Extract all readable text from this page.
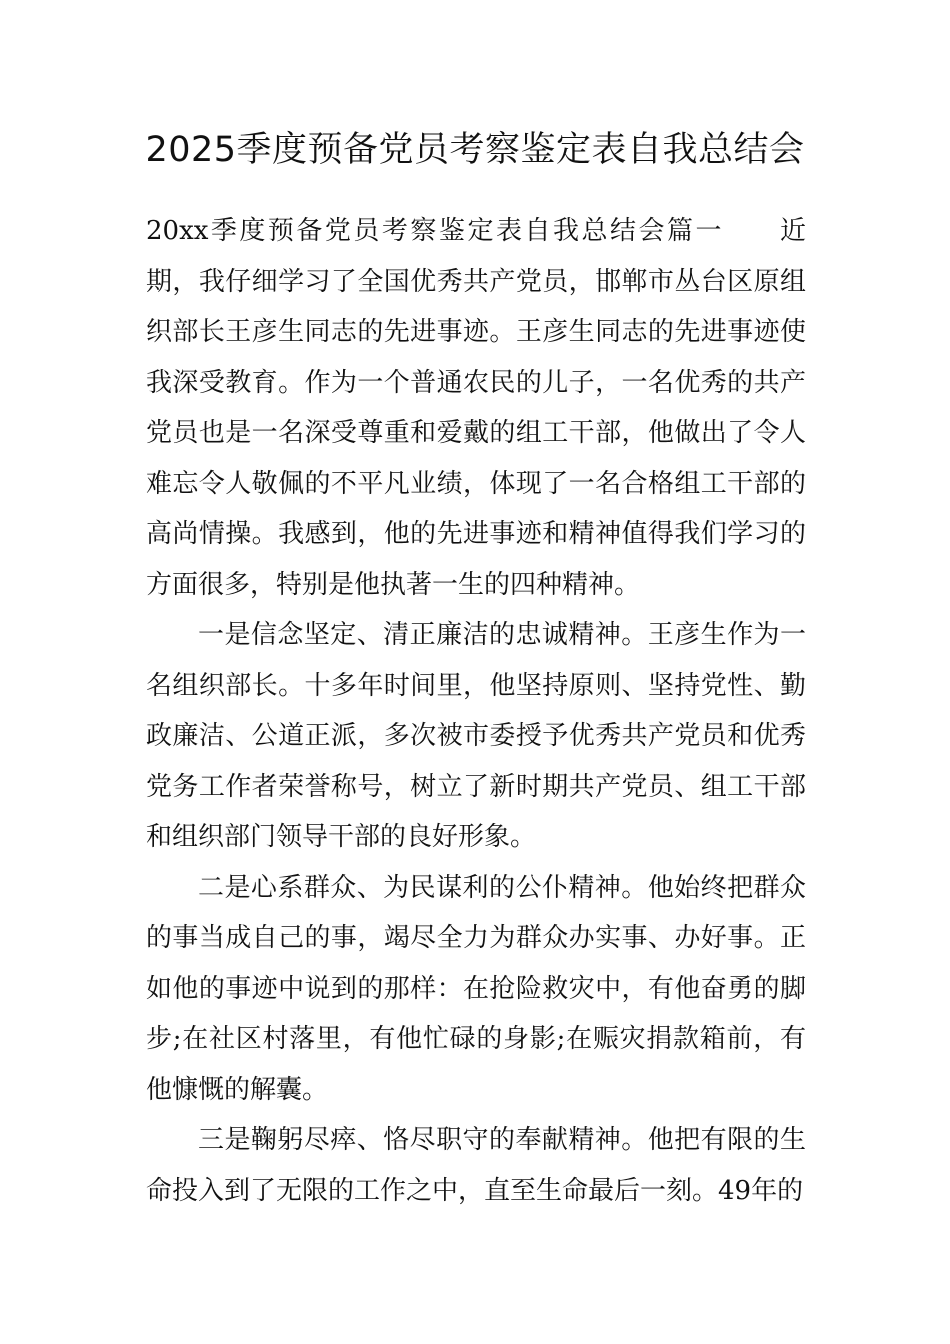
2025季度预备党员考察鉴定表自我总结会

20xx季度预备党员考察鉴定表自我总结会篇一 近期，我仔细学习了全国优秀共产党员，邯郸市丛台区原组织部长王彦生同志的先进事迹。王彦生同志的先进事迹使我深受教育。作为一个普通农民的儿子，一名优秀的共产党员也是一名深受尊重和爱戴的组工干部，他做出了令人难忘令人敬佩的不平凡业绩，体现了一名合格组工干部的高尚情操。我感到，他的先进事迹和精神值得我们学习的方面很多，特别是他执著一生的四种精神。

一是信念坚定、清正廉洁的忠诚精神。王彦生作为一名组织部长。十多年时间里，他坚持原则、坚持党性、勤政廉洁、公道正派，多次被市委授予优秀共产党员和优秀党务工作者荣誉称号，树立了新时期共产党员、组工干部和组织部门领导干部的良好形象。

二是心系群众、为民谋利的公仆精神。他始终把群众的事当成自己的事，竭尽全力为群众办实事、办好事。正如他的事迹中说到的那样：在抢险救灾中，有他奋勇的脚步;在社区村落里，有他忙碌的身影;在赈灾捐款箱前，有他慷慨的解囊。

三是鞠躬尽瘁、恪尽职守的奉献精神。他把有限的生命投入到了无限的工作之中，直至生命最后一刻。49年的
